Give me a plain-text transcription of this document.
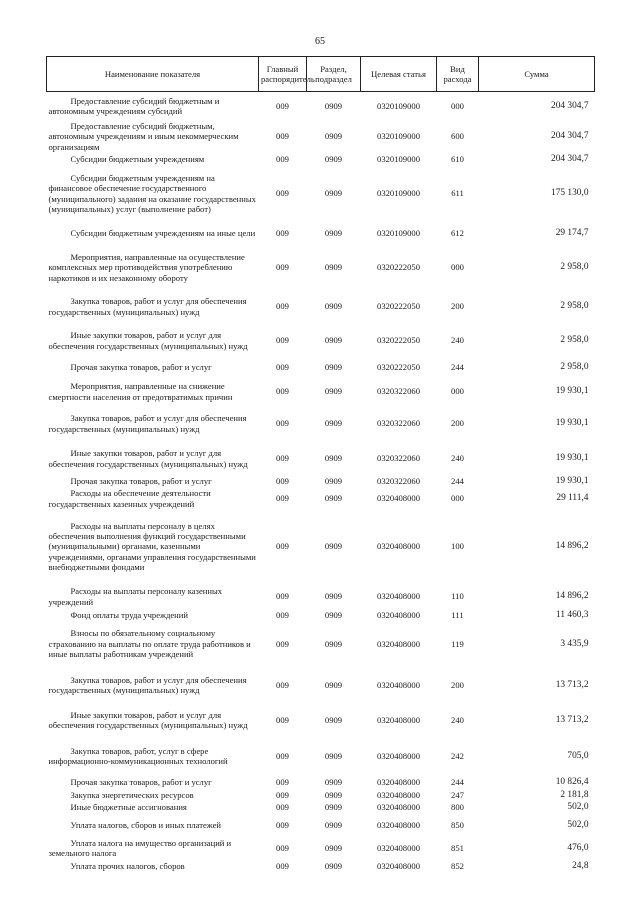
65
Наименование показателя	Главный распорядитель	Раздел, подраздел	Целевая статья	Вид расхода	Сумма

Предоставление субсидий бюджетным и автономным учреждениям субсидий	009	0909	0320109000	000	204 304,7

Предоставление субсидий бюджетным, автономным учреждениям и иным некоммерческим организациям	009	0909	0320109000	600	204 304,7

Субсидии бюджетным учреждениям	009	0909	0320109000	610	204 304,7

Субсидии бюджетным учреждениям на финансовое обеспечение государственного (муниципального) задания на оказание государственных (муниципальных) услуг (выполнение работ)	009	0909	0320109000	611	175 130,0

Субсидии бюджетным учреждениям на иные цели	009	0909	0320109000	612	29 174,7

Мероприятия, направленные на осуществление комплексных мер противодействия употреблению наркотиков и их незаконному обороту	009	0909	0320222050	000	2 958,0

Закупка товаров, работ и услуг для обеспечения государственных (муниципальных) нужд	009	0909	0320222050	200	2 958,0

Иные закупки товаров, работ и услуг для обеспечения государственных (муниципальных) нужд	009	0909	0320222050	240	2 958,0

Прочая закупка товаров, работ и услуг	009	0909	0320222050	244	2 958,0

Мероприятия, направленные на снижение смертности населения от предотвратимых причин	009	0909	0320322060	000	19 930,1

Закупка товаров, работ и услуг для обеспечения государственных (муниципальных) нужд	009	0909	0320322060	200	19 930,1

Иные закупки товаров, работ и услуг для обеспечения государственных (муниципальных) нужд	009	0909	0320322060	240	19 930,1

Прочая закупка товаров, работ и услуг	009	0909	0320322060	244	19 930,1

Расходы на обеспечение деятельности государственных казенных учреждений	009	0909	0320408000	000	29 111,4

Расходы на выплаты персоналу в целях обеспечения выполнения функций государственными (муниципальными) органами, казенными учреждениями, органами управления государственными внебюджетными фондами	009	0909	0320408000	100	14 896,2

Расходы на выплаты персоналу казенных учреждений	009	0909	0320408000	110	14 896,2

Фонд оплаты труда учреждений	009	0909	0320408000	111	11 460,3

Взносы по обязательному социальному страхованию на выплаты по оплате труда работников и иные выплаты работникам учреждений	009	0909	0320408000	119	3 435,9

Закупка товаров, работ и услуг для обеспечения государственных (муниципальных) нужд	009	0909	0320408000	200	13 713,2

Иные закупки товаров, работ и услуг для обеспечения государственных (муниципальных) нужд	009	0909	0320408000	240	13 713,2

Закупка товаров, работ, услуг в сфере информационно-коммуникационных технологий	009	0909	0320408000	242	705,0

Прочая закупка товаров, работ и услуг	009	0909	0320408000	244	10 826,4

Закупка энергетических ресурсов	009	0909	0320408000	247	2 181,8

Иные бюджетные ассигнования	009	0909	0320408000	800	502,0

Уплата налогов, сборов и иных платежей	009	0909	0320408000	850	502,0

Уплата налога на имущество организаций и земельного налога	009	0909	0320408000	851	476,0

Уплата прочих налогов, сборов	009	0909	0320408000	852	24,8
